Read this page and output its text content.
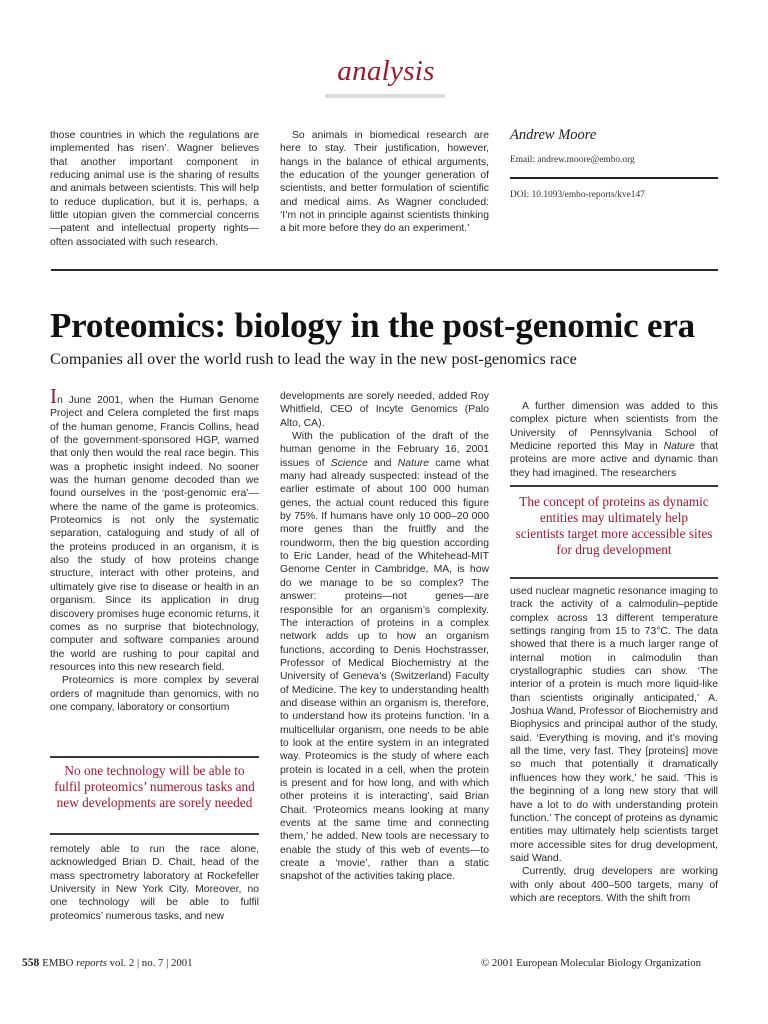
analysis

those countries in which the regulations are implemented has risen’. Wagner believes that another important component in reducing animal use is the sharing of results and animals between scientists. This will help to reduce duplication, but it is, perhaps, a little utopian given the commercial concerns—patent and intellectual property rights—often associated with such research.

So animals in biomedical research are here to stay. Their justification, however, hangs in the balance of ethical arguments, the education of the younger generation of scientists, and better formulation of scientific and medical aims. As Wagner concluded: ‘I’m not in principle against scientists thinking a bit more before they do an experiment.’

Andrew Moore
Email: andrew.moore@embo.org
DOI: 10.1093/embo-reports/kve147
Proteomics: biology in the post-genomic era
Companies all over the world rush to lead the way in the new post-genomics race

In June 2001, when the Human Genome Project and Celera completed the first maps of the human genome, Francis Collins, head of the government-sponsored HGP, warned that only then would the real race begin. This was a prophetic insight indeed. No sooner was the human genome decoded than we found ourselves in the ‘post-genomic era’—where the name of the game is proteomics. Proteomics is not only the systematic separation, cataloguing and study of all of the proteins produced in an organism, it is also the study of how proteins change structure, interact with other proteins, and ultimately give rise to disease or health in an organism. Since its application in drug discovery promises huge economic returns, it comes as no surprise that biotechnology, computer and software companies around the world are rushing to pour capital and resources into this new research field.

Proteomics is more complex by several orders of magnitude than genomics, with no one company, laboratory or consortium

No one technology will be able to fulfil proteomics’ numerous tasks and new developments are sorely needed

remotely able to run the race alone, acknowledged Brian D. Chait, head of the mass spectrometry laboratory at Rockefeller University in New York City. Moreover, no one technology will be able to fulfil proteomics’ numerous tasks, and new

developments are sorely needed, added Roy Whitfield, CEO of Incyte Genomics (Palo Alto, CA).

With the publication of the draft of the human genome in the February 16, 2001 issues of Science and Nature came what many had already suspected: instead of the earlier estimate of about 100 000 human genes, the actual count reduced this figure by 75%. If humans have only 10 000–20 000 more genes than the fruitfly and the roundworm, then the big question according to Eric Lander, head of the Whitehead-MIT Genome Center in Cambridge, MA, is how do we manage to be so complex? The answer: proteins—not genes—are responsible for an organism’s complexity. The interaction of proteins in a complex network adds up to how an organism functions, according to Denis Hochstrasser, Professor of Medical Biochemistry at the University of Geneva’s (Switzerland) Faculty of Medicine. The key to understanding health and disease within an organism is, therefore, to understand how its proteins function. ‘In a multicellular organism, one needs to be able to look at the entire system in an integrated way. Proteomics is the study of where each protein is located in a cell, when the protein is present and for how long, and with which other proteins it is interacting’, said Brian Chait. ‘Proteomics means looking at many events at the same time and connecting them,’ he added. New tools are necessary to enable the study of this web of events—to create a ‘movie’, rather than a static snapshot of the activities taking place.

A further dimension was added to this complex picture when scientists from the University of Pennsylvania School of Medicine reported this May in Nature that proteins are more active and dynamic than they had imagined. The researchers

The concept of proteins as dynamic entities may ultimately help scientists target more accessible sites for drug development

used nuclear magnetic resonance imaging to track the activity of a calmodulin–peptide complex across 13 different temperature settings ranging from 15 to 73°C. The data showed that there is a much larger range of internal motion in calmodulin than crystallographic studies can show. ‘The interior of a protein is much more liquid-like than scientists originally anticipated,’ A. Joshua Wand, Professor of Biochemistry and Biophysics and principal author of the study, said. ‘Everything is moving, and it’s moving all the time, very fast. They [proteins] move so much that potentially it dramatically influences how they work,’ he said. ‘This is the beginning of a long new story that will have a lot to do with understanding protein function.’ The concept of proteins as dynamic entities may ultimately help scientists target more accessible sites for drug development, said Wand.

Currently, drug developers are working with only about 400–500 targets, many of which are receptors. With the shift from

558 EMBO reports vol. 2 | no. 7 | 2001	© 2001 European Molecular Biology Organization
